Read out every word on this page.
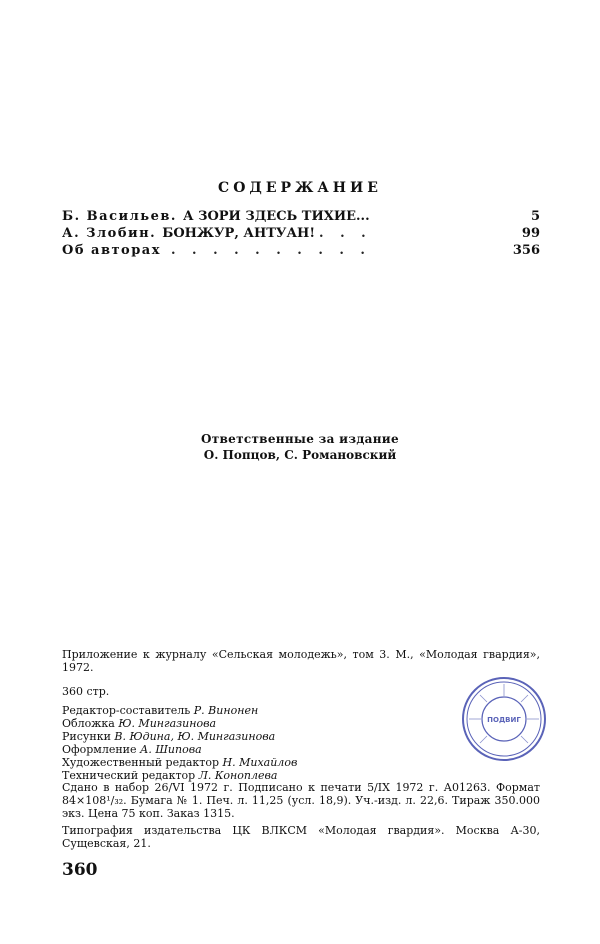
СОДЕРЖАНИЕ
Б. Васильев. А ЗОРИ ЗДЕСЬ ТИХИЕ...	5
А. Злобин. БОНЖУР, АНТУАН! . . .	99
Об авторах . . . . . . . . . .	356
Ответственные за издание
О. Попцов, С. Романовский
Приложение к журналу «Сельская молодежь», том 3. М., «Молодая гвардия», 1972.
360 стр.
Редактор-составитель Р. Винонен
Обложка Ю. Мингазинова
Рисунки В. Юдина, Ю. Мингазинова
Оформление А. Шипова
Художественный редактор Н. Михайлов
Технический редактор Л. Коноплева
Сдано в набор 26/VI 1972 г. Подписано к печати 5/IX 1972 г. А01263. Формат 84×108¹/₃₂. Бумага № 1. Печ. л. 11,25 (усл. 18,9). Уч.-изд. л. 22,6. Тираж 350.000 экз. Цена 75 коп. Заказ 1315.
Типография издательства ЦК ВЛКСМ «Молодая гвардия». Москва А-30, Сущевская, 21.
ПОДВИГ
360
